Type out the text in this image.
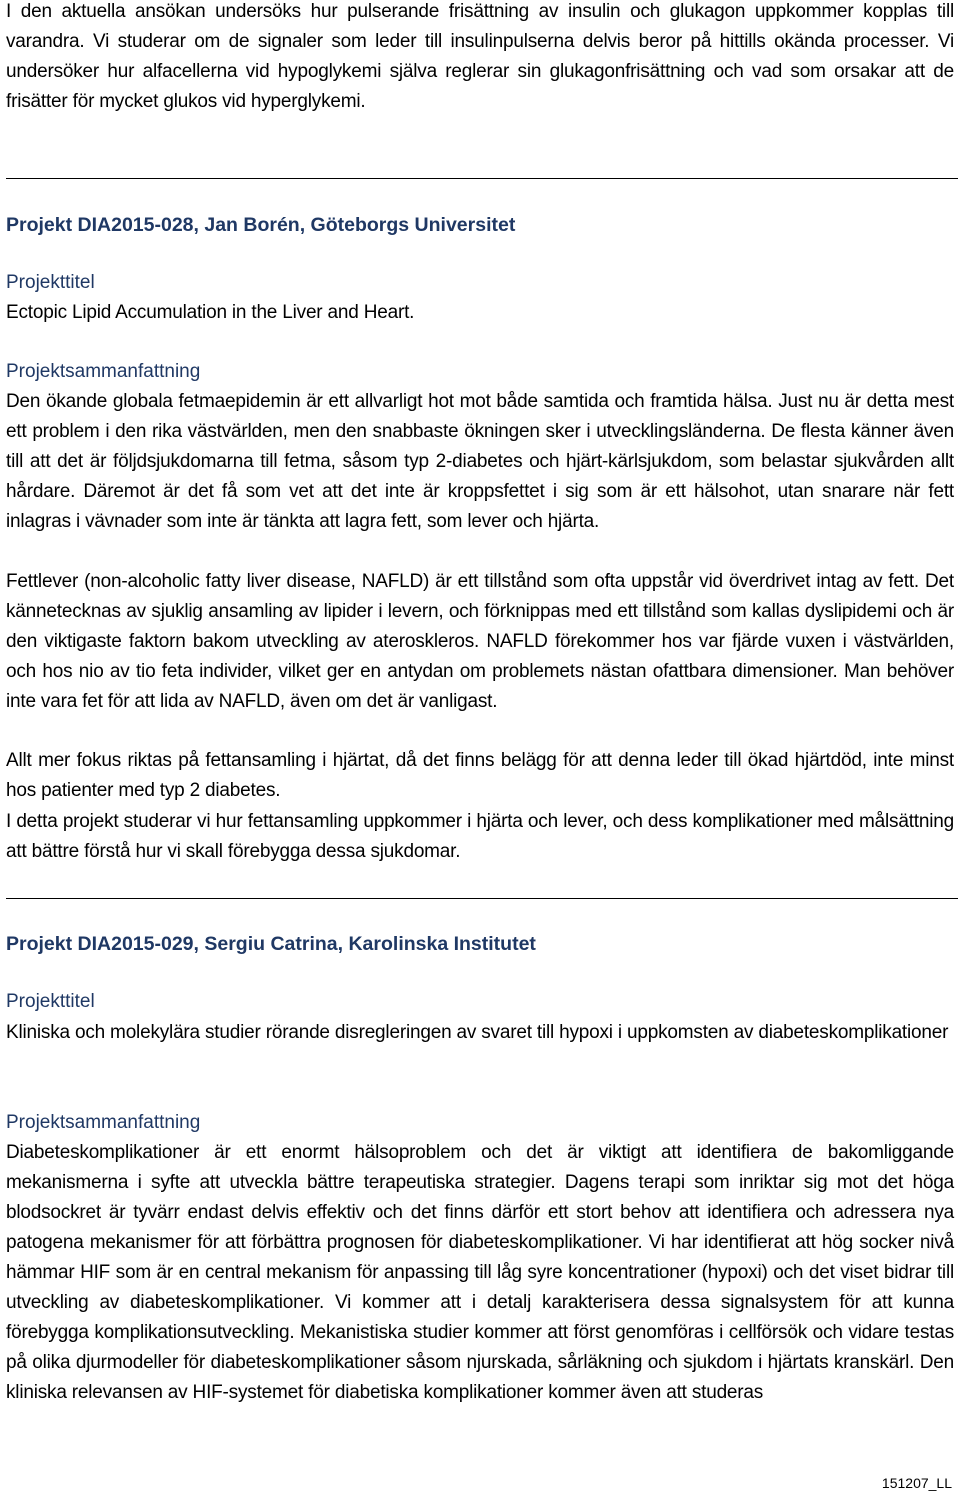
I den aktuella ansökan undersöks hur pulserande frisättning av insulin och glukagon uppkommer kopplas till varandra. Vi studerar om de signaler som leder till insulinpulserna delvis beror på hittills okända processer. Vi undersöker hur alfacellerna vid hypoglykemi själva reglerar sin glukagonfrisättning och vad som orsakar att de frisätter för mycket glukos vid hyperglykemi.

Projekt DIA2015-028, Jan Borén, Göteborgs Universitet

Projekttitel

Ectopic Lipid Accumulation in the Liver and Heart.

Projektsammanfattning

Den ökande globala fetmaepidemin är ett allvarligt hot mot både samtida och framtida hälsa. Just nu är detta mest ett problem i den rika västvärlden, men den snabbaste ökningen sker i utvecklingsländerna. De flesta känner även till att det är följdsjukdomarna till fetma, såsom typ 2-diabetes och hjärt-kärlsjukdom, som belastar sjukvården allt hårdare. Däremot är det få som vet att det inte är kroppsfettet i sig som är ett hälsohot, utan snarare när fett inlagras i vävnader som inte är tänkta att lagra fett, som lever och hjärta.

Fettlever (non-alcoholic fatty liver disease, NAFLD) är ett tillstånd som ofta uppstår vid överdrivet intag av fett. Det kännetecknas av sjuklig ansamling av lipider i levern, och förknippas med ett tillstånd som kallas dyslipidemi och är den viktigaste faktorn bakom utveckling av ateroskleros. NAFLD förekommer hos var fjärde vuxen i västvärlden, och hos nio av tio feta individer, vilket ger en antydan om problemets nästan ofattbara dimensioner. Man behöver inte vara fet för att lida av NAFLD, även om det är vanligast.

Allt mer fokus riktas på fettansamling i hjärtat, då det finns belägg för att denna leder till ökad hjärtdöd, inte minst hos patienter med typ 2 diabetes.

I detta projekt studerar vi hur fettansamling uppkommer i hjärta och lever, och dess komplikationer med målsättning att bättre förstå hur vi skall förebygga dessa sjukdomar.

Projekt DIA2015-029, Sergiu Catrina, Karolinska Institutet

Projekttitel

Kliniska och molekylära studier rörande disregleringen av svaret till hypoxi i uppkomsten av diabeteskomplikationer

Projektsammanfattning

Diabeteskomplikationer är ett enormt hälsoproblem och det är viktigt att identifiera de bakomliggande mekanismerna i syfte att utveckla bättre terapeutiska strategier. Dagens terapi som inriktar sig mot det höga blodsockret är tyvärr endast delvis effektiv och det finns därför ett stort behov att identifiera och adressera nya patogena mekanismer för att förbättra prognosen för diabeteskomplikationer. Vi har identifierat att hög socker nivå hämmar HIF som är en central mekanism för anpassing till låg syre koncentrationer (hypoxi) och det viset bidrar till utveckling av diabeteskomplikationer. Vi kommer att i detalj karakterisera dessa signalsystem för att kunna förebygga komplikationsutveckling. Mekanistiska studier kommer att först genomföras i cellförsök och vidare testas på olika djurmodeller för diabeteskomplikationer såsom njurskada, sårläkning och sjukdom i hjärtats kranskärl. Den kliniska relevansen av HIF-systemet för diabetiska komplikationer kommer även att studeras

151207_LL
